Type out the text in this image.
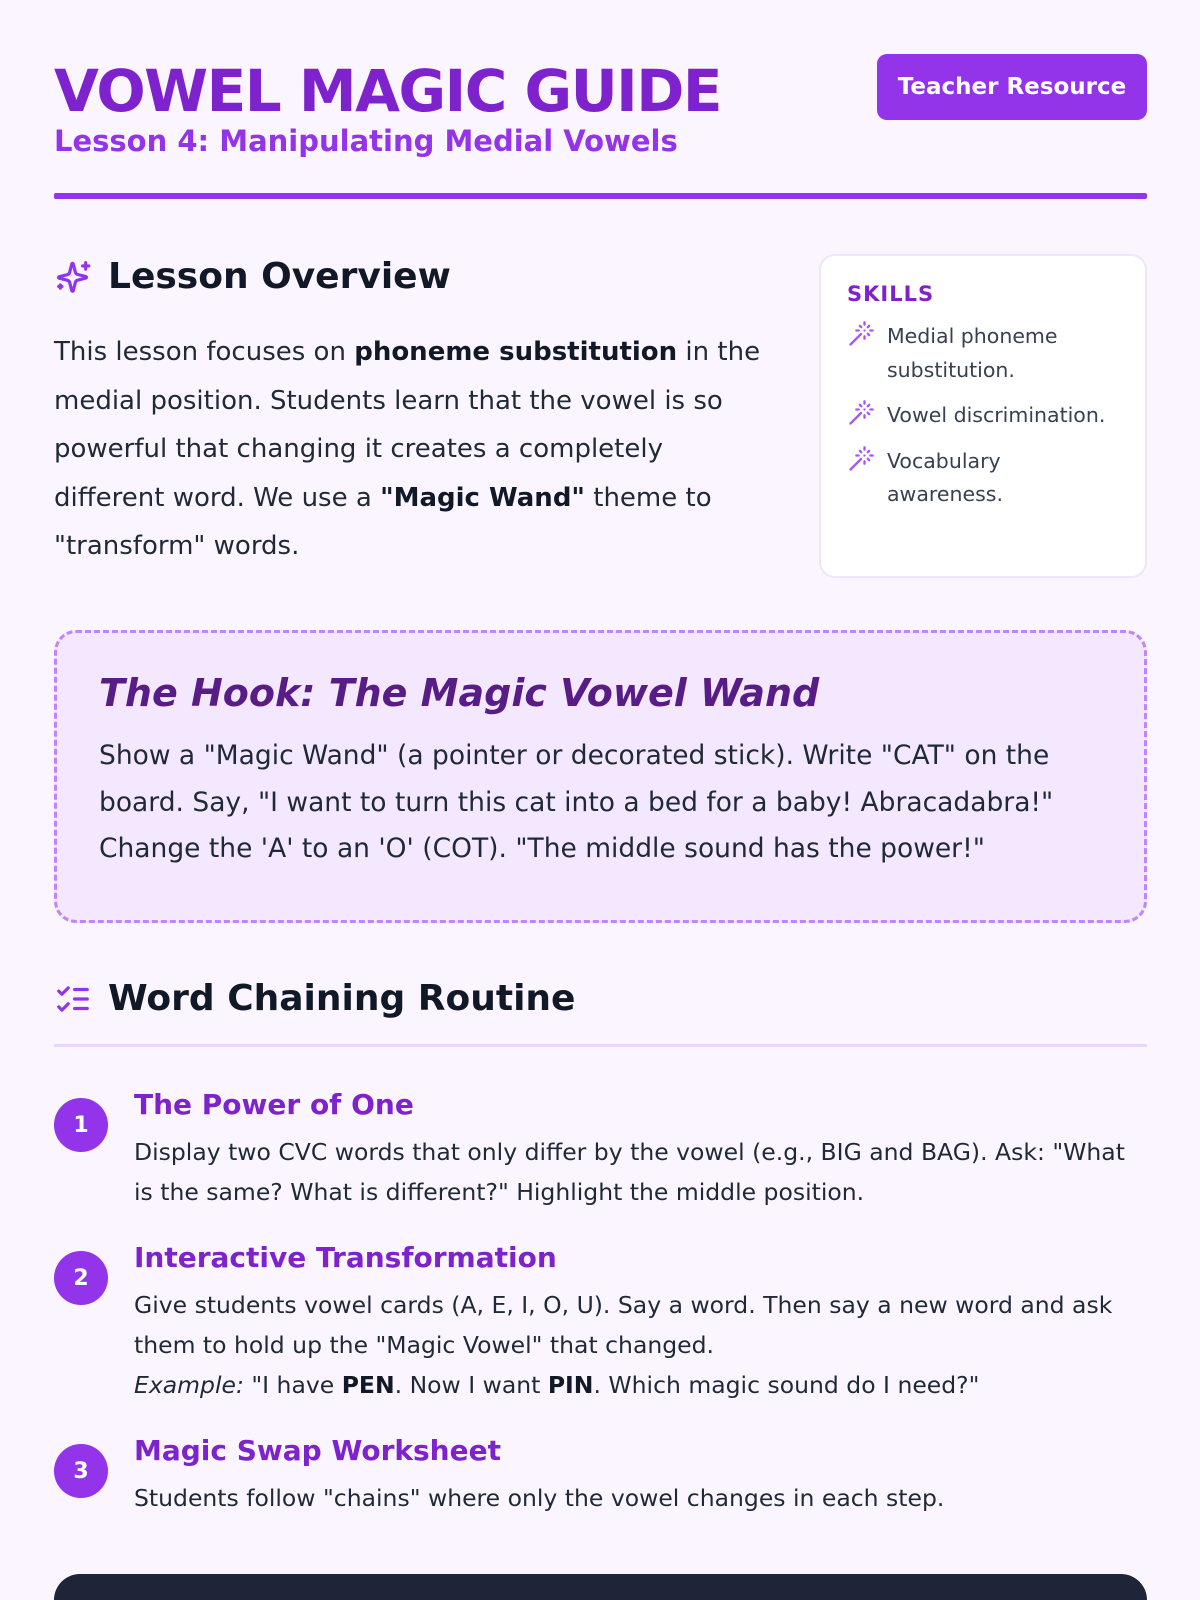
VOWEL MAGIC GUIDE
Lesson 4: Manipulating Medial Vowels
Teacher Resource
Lesson Overview

This lesson focuses on phoneme substitution in the medial position. Students learn that the vowel is so powerful that changing it creates a completely different word. We use a "Magic Wand" theme to "transform" words.

SKILLS
Medial phoneme substitution.
Vowel discrimination.
Vocabulary awareness.
The Hook: The Magic Vowel Wand

Show a "Magic Wand" (a pointer or decorated stick). Write "CAT" on the board. Say, "I want to turn this cat into a bed for a baby! Abracadabra!" Change the 'A' to an 'O' (COT). "The middle sound has the power!"

Word Chaining Routine
1
The Power of One

Display two CVC words that only differ by the vowel (e.g., BIG and BAG). Ask: "What is the same? What is different?" Highlight the middle position.

2
Interactive Transformation

Give students vowel cards (A, E, I, O, U). Say a word. Then say a new word and ask them to hold up the "Magic Vowel" that changed.
Example: "I have PEN. Now I want PIN. Which magic sound do I need?"

3
Magic Swap Worksheet

Students follow "chains" where only the vowel changes in each step.
